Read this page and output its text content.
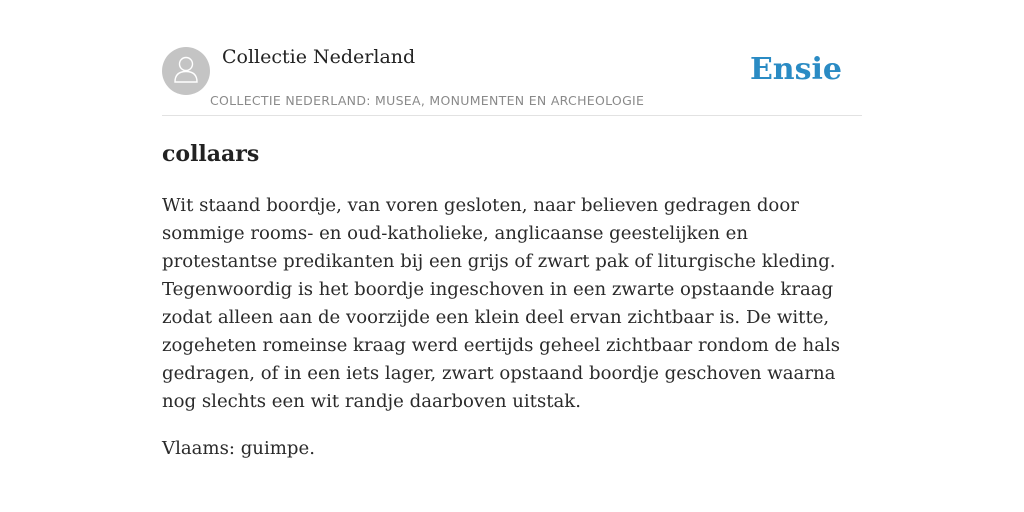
Collectie Nederland
COLLECTIE NEDERLAND: MUSEA, MONUMENTEN EN ARCHEOLOGIE
Ensie
collaars

Wit staand boordje, van voren gesloten, naar believen gedragen door sommige rooms- en oud-katholieke, anglicaanse geestelijken en protestantse predikanten bij een grijs of zwart pak of liturgische kleding. Tegenwoordig is het boordje ingeschoven in een zwarte opstaande kraag zodat alleen aan de voorzijde een klein deel ervan zichtbaar is. De witte, zogeheten romeinse kraag werd eertijds geheel zichtbaar rondom de hals gedragen, of in een iets lager, zwart opstaand boordje geschoven waarna nog slechts een wit randje daarboven uitstak.

Vlaams: guimpe.
